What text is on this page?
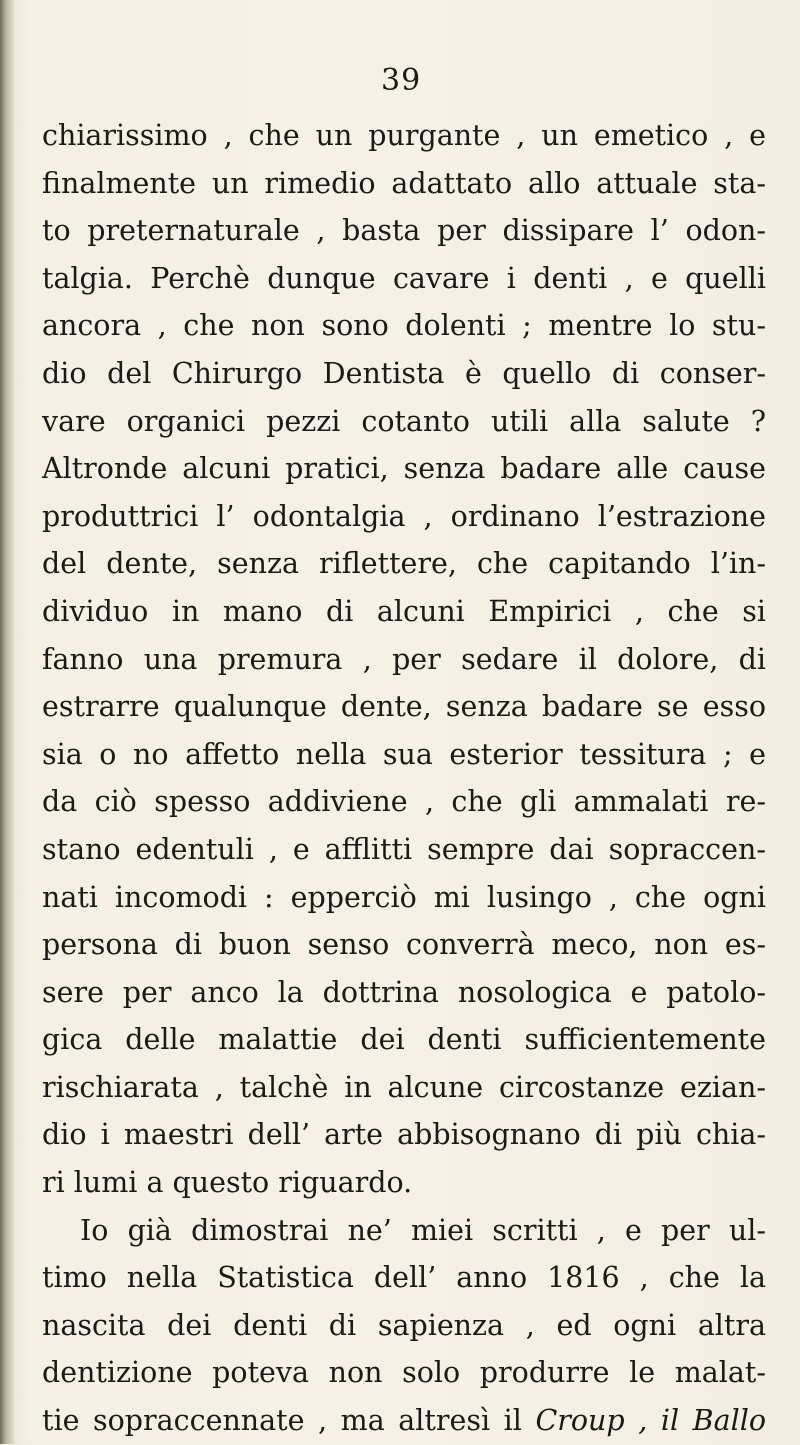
39
chiarissimo , che un purgante , un emetico , e
finalmente un rimedio adattato allo attuale sta-
to preternaturale , basta per dissipare l’ odon-
talgia. Perchè dunque cavare i denti , e quelli
ancora , che non sono dolenti ; mentre lo stu-
dio del Chirurgo Dentista è quello di conser-
vare organici pezzi cotanto utili alla salute ?
Altronde alcuni pratici, senza badare alle cause
produttrici l’ odontalgia , ordinano l’estrazione
del dente, senza riflettere, che capitando l’in-
dividuo in mano di alcuni Empirici , che si
fanno una premura , per sedare il dolore, di
estrarre qualunque dente, senza badare se esso
sia o no affetto nella sua esterior tessitura ; e
da ciò spesso addiviene , che gli ammalati re-
stano edentuli , e afflitti sempre dai sopraccen-
nati incomodi : epperciò mi lusingo , che ogni
persona di buon senso converrà meco, non es-
sere per anco la dottrina nosologica e patolo-
gica delle malattie dei denti sufficientemente
rischiarata , talchè in alcune circostanze ezian-
dio i maestri dell’ arte abbisognano di più chia-
ri lumi a questo riguardo.
Io già dimostrai ne’ miei scritti , e per ul-
timo nella Statistica dell’ anno 1816 , che la
nascita dei denti di sapienza , ed ogni altra
dentizione poteva non solo produrre le malat-
tie sopraccennate , ma altresì il Croup , il Ballo
